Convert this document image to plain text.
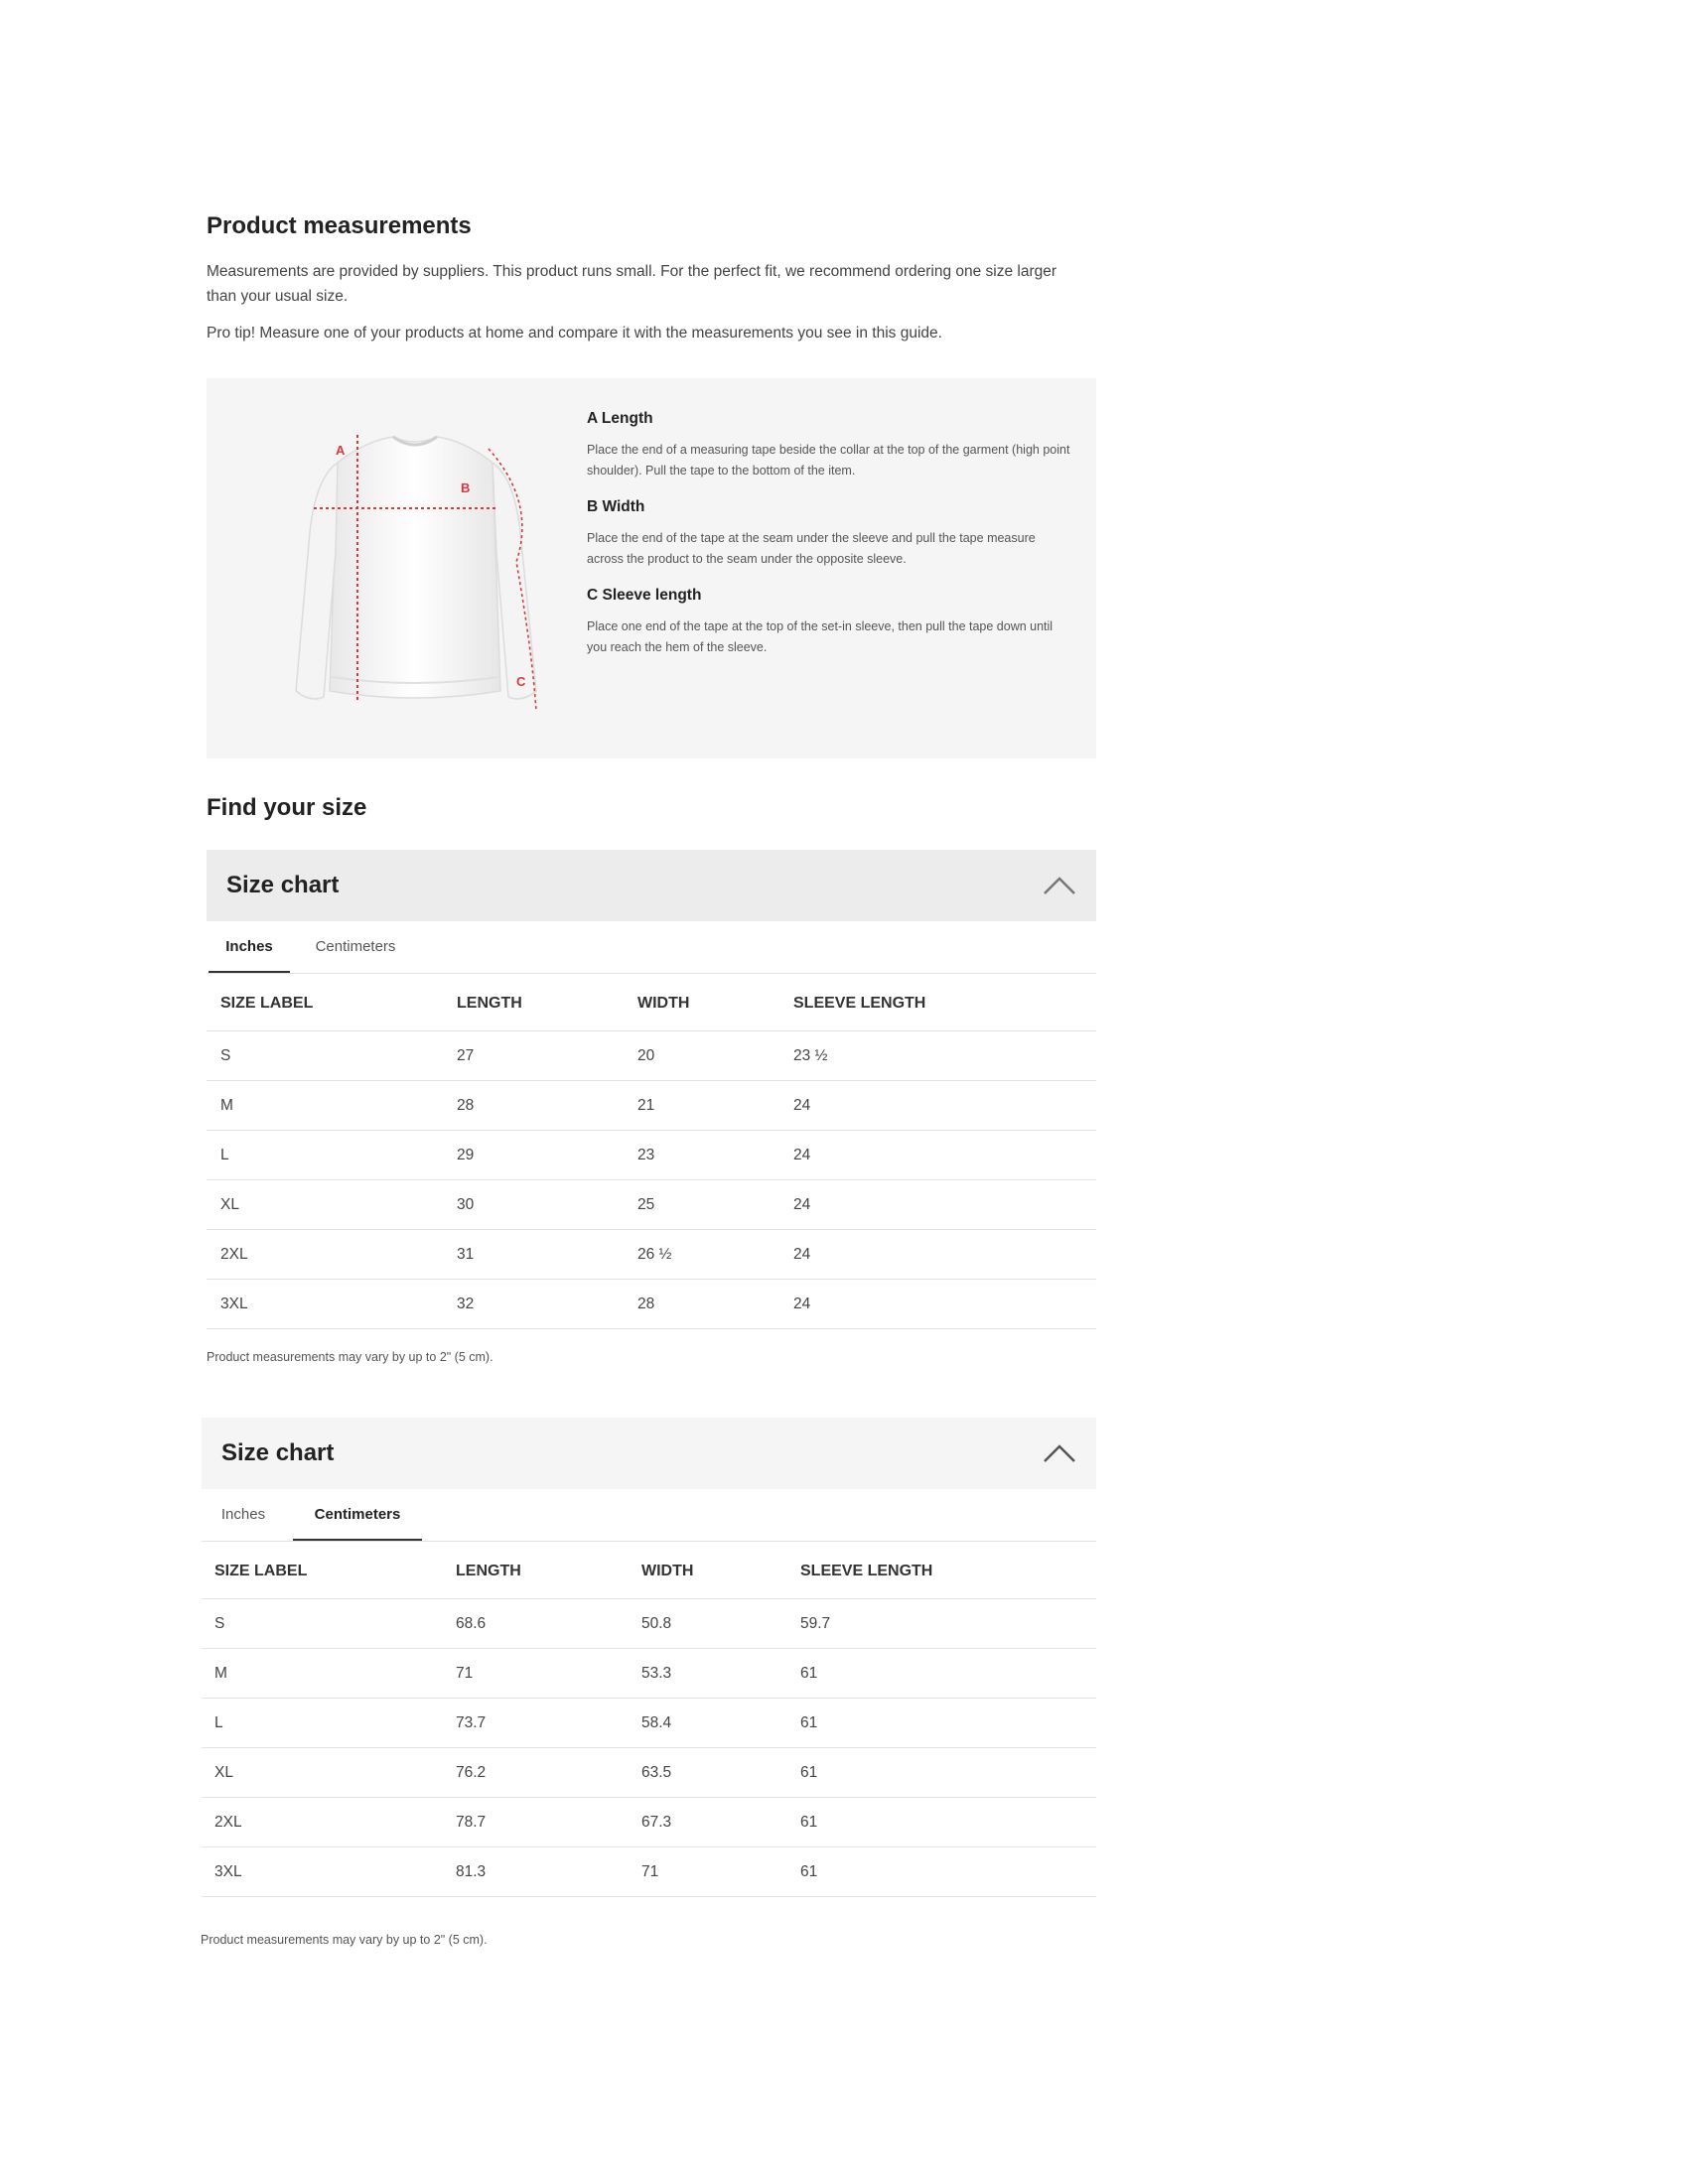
Product measurements
Measurements are provided by suppliers. This product runs small. For the perfect fit, we recommend ordering one size larger than your usual size.
Pro tip! Measure one of your products at home and compare it with the measurements you see in this guide.
A
B
C
A Length
Place the end of a measuring tape beside the collar at the top of the garment (high point shoulder). Pull the tape to the bottom of the item.
B Width
Place the end of the tape at the seam under the sleeve and pull the tape measure across the product to the seam under the opposite sleeve.
C Sleeve length
Place one end of the tape at the top of the set-in sleeve, then pull the tape down until you reach the hem of the sleeve.
Find your size
Size chart
Inches	Centimeters
SIZE LABEL	LENGTH	WIDTH	SLEEVE LENGTH
S	27	20	23 ½
M	28	21	24
L	29	23	24
XL	30	25	24
2XL	31	26 ½	24
3XL	32	28	24
Product measurements may vary by up to 2" (5 cm).
Size chart
Inches	Centimeters
SIZE LABEL	LENGTH	WIDTH	SLEEVE LENGTH
S	68.6	50.8	59.7
M	71	53.3	61
L	73.7	58.4	61
XL	76.2	63.5	61
2XL	78.7	67.3	61
3XL	81.3	71	61
Product measurements may vary by up to 2" (5 cm).
